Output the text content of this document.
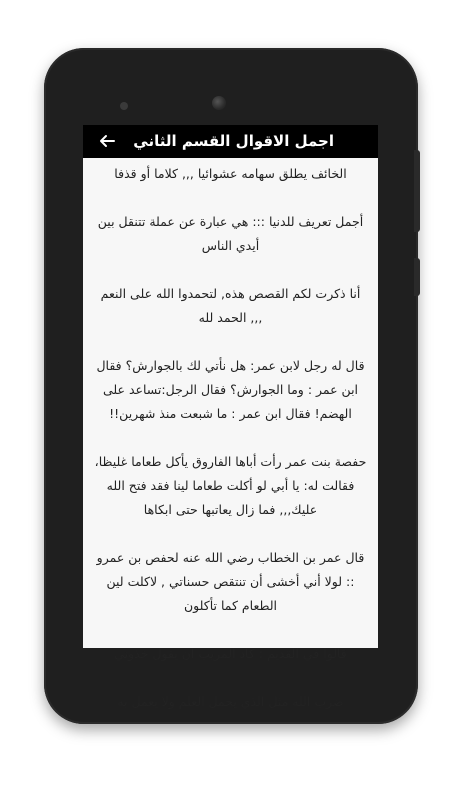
اجمل الاقوال القسم الثاني
الخائف يطلق سهامه عشوائيا ,,, كلاما أو قذفا
أجمل تعريف للدنيا ::: هي عبارة عن عملة تتنقل بين أيدي الناس
أنا ذكرت لكم القصص هذه, لتحمدوا الله على النعم ,,, الحمد لله
قال له رجل لابن عمر: هل نأتي لك بالجوارش؟ فقال ابن عمر : وما الجوارش؟ فقال الرجل:تساعد على الهضم! فقال ابن عمر : ما شبعت منذ شهرين!!
حفصة بنت عمر رأت أباها الفاروق يأكل طعاما غليظا، فقالت له: يا أبي لو أكلت طعاما لينا فقد فتح الله عليك,,, فما زال يعاتبها حتى ابكاها
قال عمر بن الخطاب رضي الله عنه لحفص بن عمرو :: لولا أني أخشى أن تنتقص حسناتي , لاكلت لين الطعام كما تأكلون
قالوا في القديم : كاد المريب ان يقول خذوني
ضرب الله مثل الذي يحمل العلم ولا يعمل به
